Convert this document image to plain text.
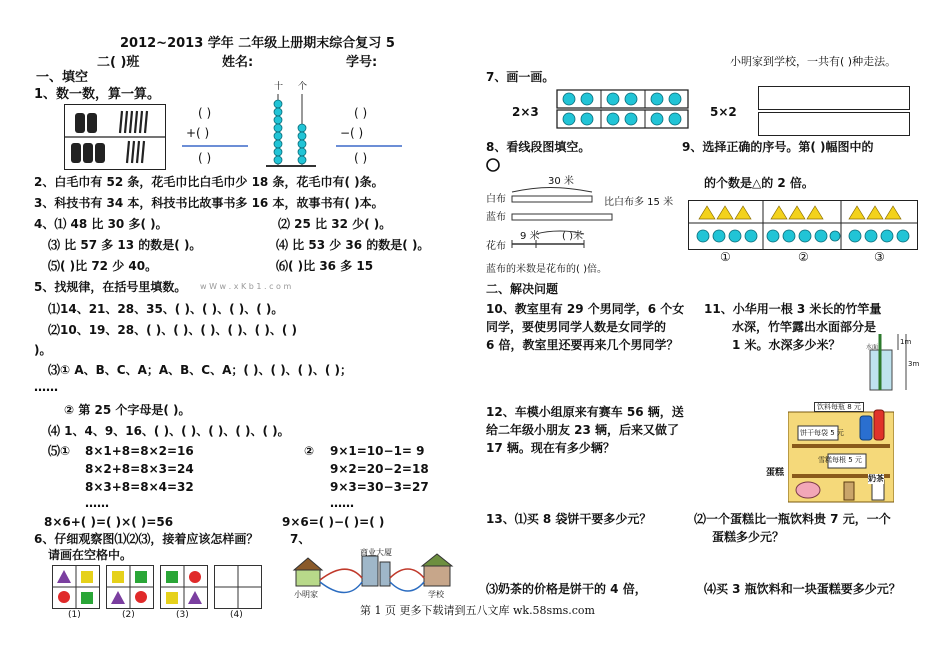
2012~2013 学年 二年级上册期末综合复习 5
二( )班	姓名:	学号:	小明家到学校，一共有( )种走法。
一、填空
1、数一数，算一算。
( )
+( )
( )
十 个
( )
−( )
( )
2、白毛巾有 52 条，花毛巾比白毛巾少 18 条，花毛巾有( )条。
3、科技书有 34 本，科技书比故事书多 16 本，故事书有( )本。
4、⑴ 48 比 30 多( )。	⑵ 25 比 32 少( )。
⑶ 比 57 多 13 的数是( )。	⑷ 比 53 少 36 的数是( )。
⑸( )比 72 少 40。	⑹( )比 36 多 15
5、找规律，在括号里填数。 w W w . x K b 1 . c o m
⑴14、21、28、35、( )、( )、( )、( )。
⑵10、19、28、( )、( )、( )、( )、( )、( )
)。
⑶① A、B、C、A；A、B、C、A；( )、( )、( )、( )；
……
② 第 25 个字母是( )。
⑷ 1、4、9、16、( )、( )、( )、( )、( )。
⑸① 8×1+8=8×2=16
8×2+8=8×3=24
8×3+8=8×4=32
……
② 9×1=10−1= 9
9×2=20−2=18
9×3=30−3=27
……
8×6+( )=( )×( )=56	9×6=( )−( )=( )
6、仔细观察图⑴⑵⑶，接着应该怎样画？
请画在空格中。
7、
(1)	(2)	(3)	(4)
小明家
商业大厦
学校
7、画一画。
2×3	5×2
8、看线段图填空。	9、选择正确的序号。第( )幅图中的
的个数是△的 2 倍。
30 米
白布
蓝布
比白布多 15 米
9 米 ( )米
花布
蓝布的米数是花布的( )倍。
①	②	③
二、解决问题
10、教室里有 29 个男同学，6 个女
同学，要使男同学人数是女同学的
6 倍，教室里还要再来几个男同学？
11、小华用一根 3 米长的竹竿量
水深，竹竿露出水面部分是
1 米。水深多少米？	水面
1m
3m
12、车模小组原来有赛车 56 辆，送
给二年级小朋友 23 辆，后来又做了
17 辆。现在有多少辆？
饮料每瓶 8 元
饼干每袋 5 元
蛋糕
雪糕每根 5 元
奶茶
13、⑴买 8 袋饼干要多少元？	⑵一个蛋糕比一瓶饮料贵 7 元，一个
蛋糕多少元？
⑶奶茶的价格是饼干的 4 倍，	⑷买 3 瓶饮料和一块蛋糕要多少元？
第 1 页 更多下载请到五八文库 wk.58sms.com
